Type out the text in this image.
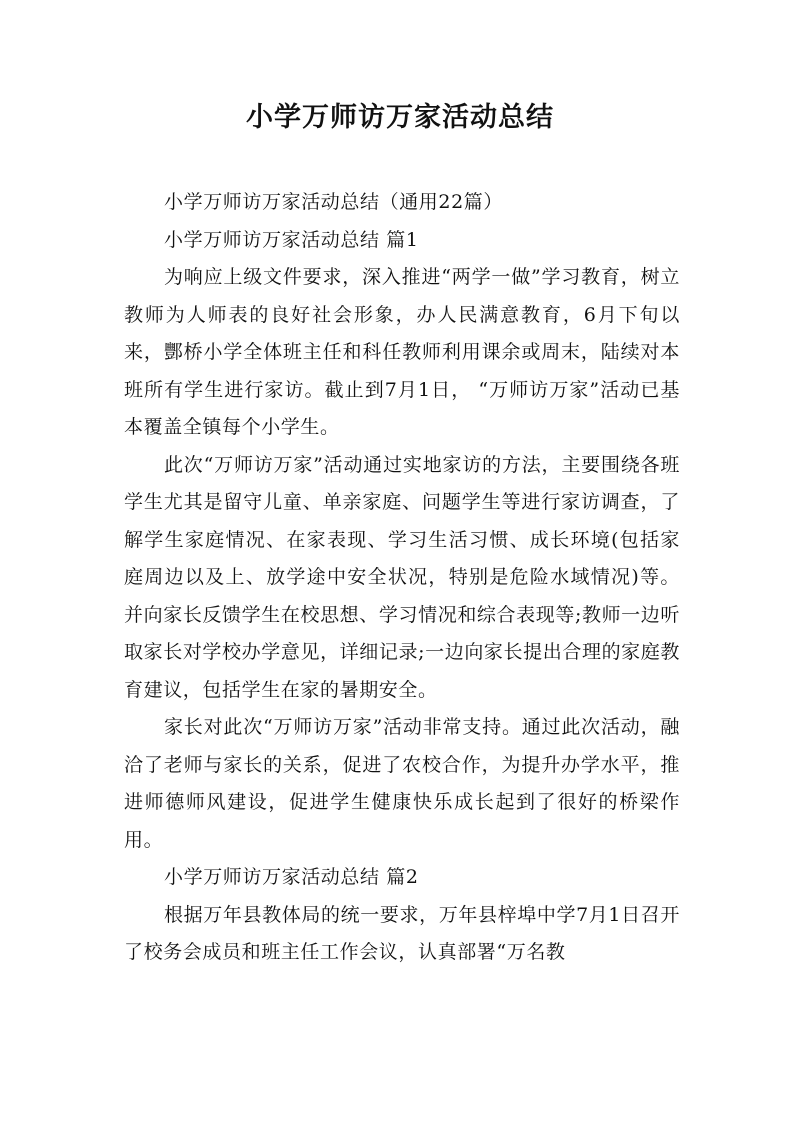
小学万师访万家活动总结

小学万师访万家活动总结（通用22篇）

小学万师访万家活动总结 篇1

为响应上级文件要求，深入推进“两学一做”学习教育，树立教师为人师表的良好社会形象，办人民满意教育，6月下旬以来，酆桥小学全体班主任和科任教师利用课余或周末，陆续对本班所有学生进行家访。截止到7月1日， “万师访万家”活动已基本覆盖全镇每个小学生。

此次“万师访万家”活动通过实地家访的方法，主要围绕各班学生尤其是留守儿童、单亲家庭、问题学生等进行家访调查，了解学生家庭情况、在家表现、学习生活习惯、成长环境(包括家庭周边以及上、放学途中安全状况，特别是危险水域情况)等。并向家长反馈学生在校思想、学习情况和综合表现等;教师一边听取家长对学校办学意见，详细记录;一边向家长提出合理的家庭教育建议，包括学生在家的暑期安全。

家长对此次“万师访万家”活动非常支持。通过此次活动，融洽了老师与家长的关系，促进了农校合作，为提升办学水平，推进师德师风建设，促进学生健康快乐成长起到了很好的桥梁作用。

小学万师访万家活动总结 篇2

根据万年县教体局的统一要求，万年县梓埠中学7月1日召开了校务会成员和班主任工作会议，认真部署“万名教
